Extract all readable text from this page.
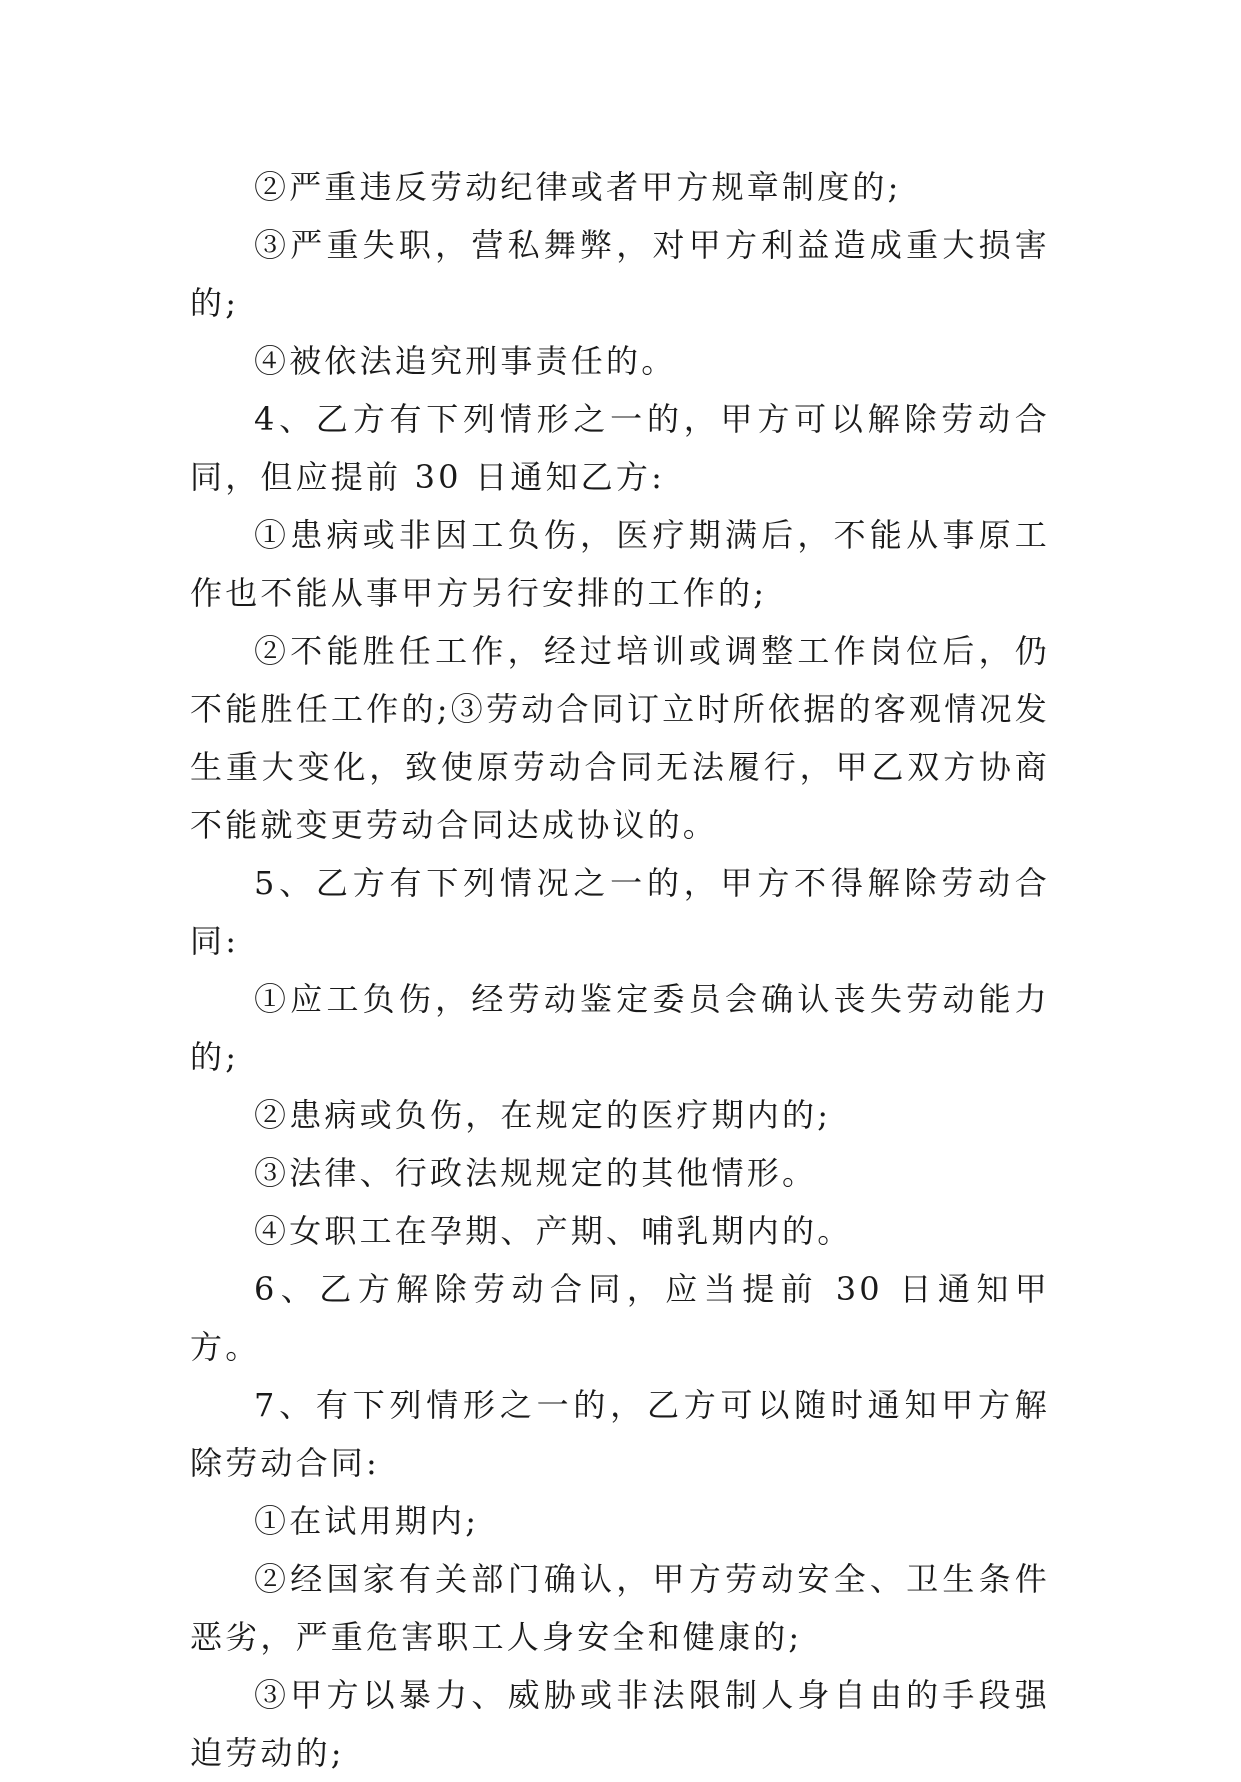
②严重违反劳动纪律或者甲方规章制度的;

③严重失职，营私舞弊，对甲方利益造成重大损害的;

④被依法追究刑事责任的。

4、乙方有下列情形之一的，甲方可以解除劳动合同，但应提前 30 日通知乙方:

①患病或非因工负伤，医疗期满后，不能从事原工作也不能从事甲方另行安排的工作的;

②不能胜任工作，经过培训或调整工作岗位后，仍不能胜任工作的;③劳动合同订立时所依据的客观情况发生重大变化，致使原劳动合同无法履行，甲乙双方协商不能就变更劳动合同达成协议的。

5、乙方有下列情况之一的，甲方不得解除劳动合同:

①应工负伤，经劳动鉴定委员会确认丧失劳动能力的;

②患病或负伤，在规定的医疗期内的;

③法律、行政法规规定的其他情形。

④女职工在孕期、产期、哺乳期内的。

6、乙方解除劳动合同，应当提前 30 日通知甲方。

7、有下列情形之一的，乙方可以随时通知甲方解除劳动合同:

①在试用期内;

②经国家有关部门确认，甲方劳动安全、卫生条件恶劣，严重危害职工人身安全和健康的;

③甲方以暴力、威胁或非法限制人身自由的手段强迫劳动的;
